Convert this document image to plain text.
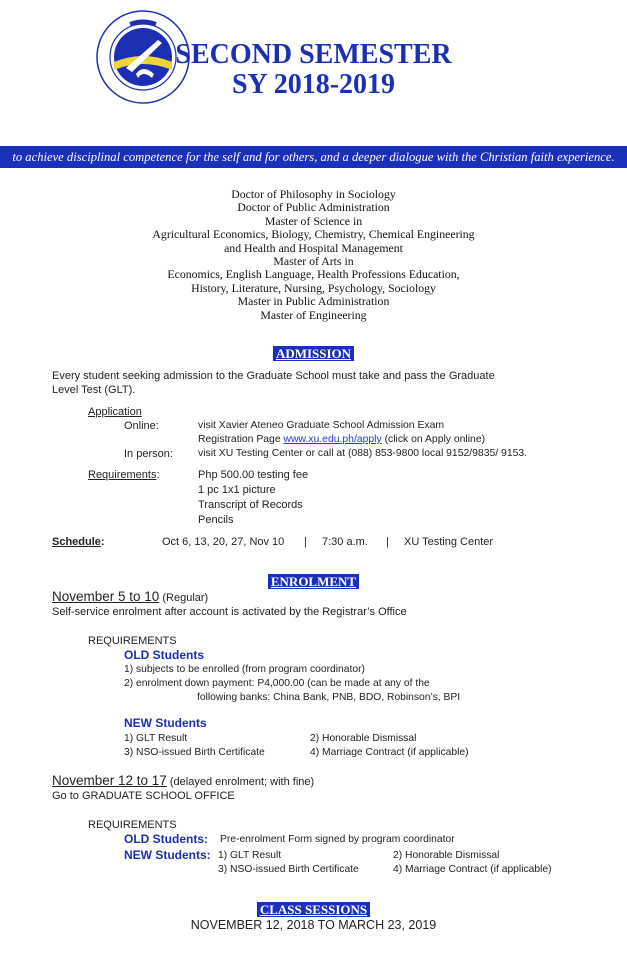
SECOND SEMESTER
SY 2018-2019
to achieve disciplinal competence for the self and for others, and a deeper dialogue with the Christian faith experience.
Doctor of Philosophy in Sociology
Doctor of Public Administration
Master of Science in
Agricultural Economics, Biology, Chemistry, Chemical Engineering
and Health and Hospital Management
Master of Arts in
Economics, English Language, Health Professions Education,
History, Literature, Nursing, Psychology, Sociology
Master in Public Administration
Master of Engineering
ADMISSION
Every student seeking admission to the Graduate School must take and pass the Graduate
Level Test (GLT).
Application
Online:	visit Xavier Ateneo Graduate School Admission Exam
Registration Page www.xu.edu.ph/apply (click on Apply online)
In person: visit XU Testing Center or call at (088) 853-9800 local 9152/9835/ 9153.
Requirements:	Php 500.00 testing fee
1 pc 1x1 picture
Transcript of Records
Pencils
Schedule:	Oct 6, 13, 20, 27, Nov 10 | 7:30 a.m. | XU Testing Center
ENROLMENT
November 5 to 10 (Regular)
Self-service enrolment after account is activated by the Registrar’s Office
REQUIREMENTS
OLD Students
1) subjects to be enrolled (from program coordinator)
2) enrolment down payment: P4,000.00 (can be made at any of the
following banks: China Bank, PNB, BDO, Robinson’s, BPI
NEW Students
1) GLT Result	2) Honorable Dismissal
3) NSO-issued Birth Certificate	4) Marriage Contract (if applicable)
November 12 to 17 (delayed enrolment; with fine)
Go to GRADUATE SCHOOL OFFICE
REQUIREMENTS
OLD Students: Pre-enrolment Form signed by program coordinator
NEW Students: 1) GLT Result	2) Honorable Dismissal
3) NSO-issued Birth Certificate	4) Marriage Contract (if applicable)
CLASS SESSIONS
NOVEMBER 12, 2018 TO MARCH 23, 2019
